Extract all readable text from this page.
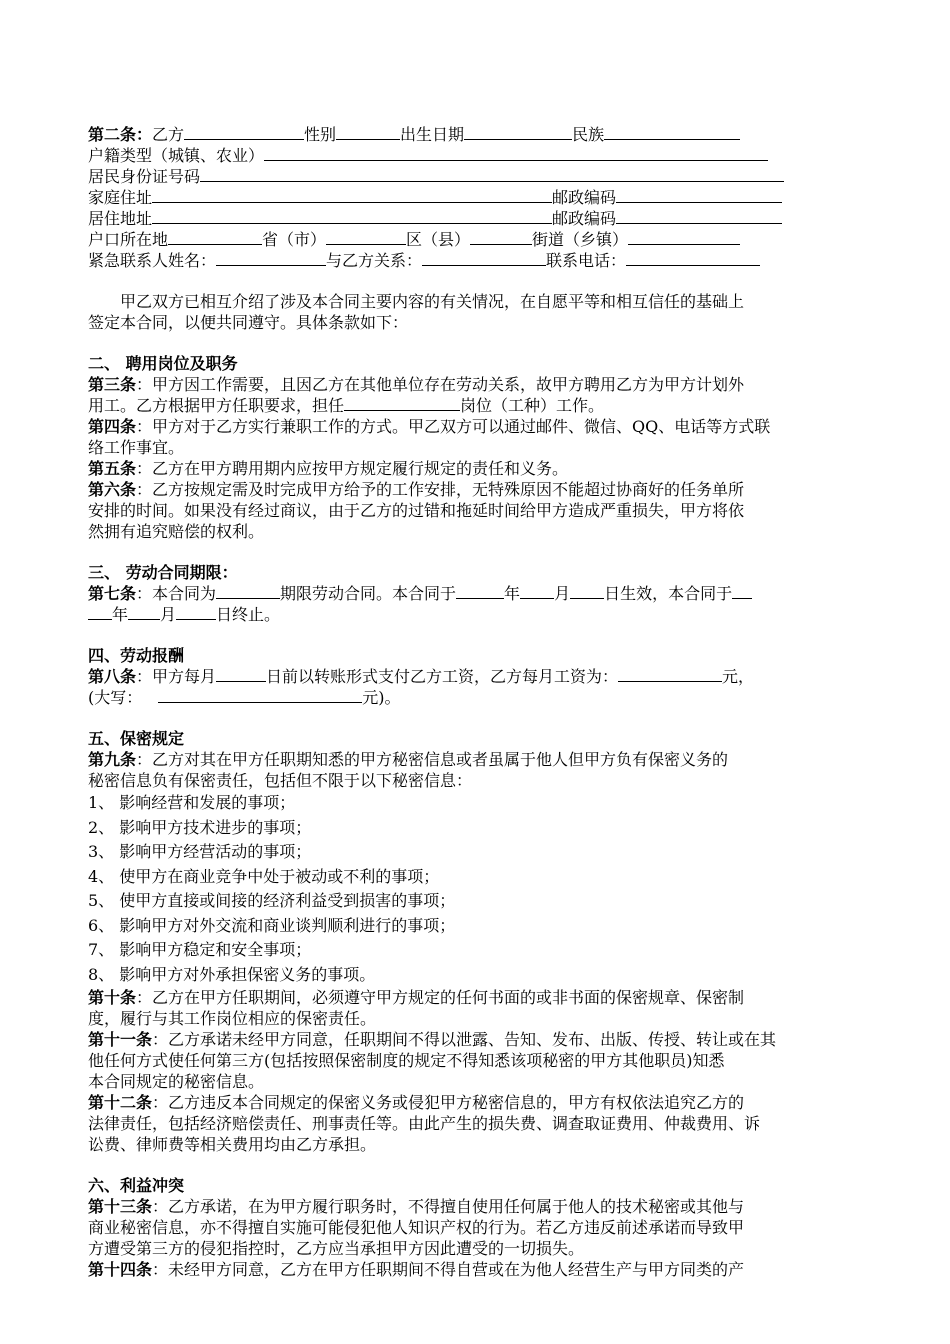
第二条：乙方	性别	出生日期	民族
户籍类型（城镇、农业）
居民身份证号码
家庭住址	邮政编码
居住地址	邮政编码
户口所在地	省（市）	区（县）	街道（乡镇）
紧急联系人姓名：	与乙方关系：	联系电话：
甲乙双方已相互介绍了涉及本合同主要内容的有关情况，在自愿平等和相互信任的基础上
签定本合同，以便共同遵守。具体条款如下：
二、 聘用岗位及职务
第三条：甲方因工作需要，且因乙方在其他单位存在劳动关系，故甲方聘用乙方为甲方计划外
用工。乙方根据甲方任职要求，担任	岗位（工种）工作。
第四条：甲方对于乙方实行兼职工作的方式。甲乙双方可以通过邮件、微信、QQ、电话等方式联
络工作事宜。
第五条：乙方在甲方聘用期内应按甲方规定履行规定的责任和义务。
第六条：乙方按规定需及时完成甲方给予的工作安排，无特殊原因不能超过协商好的任务单所
安排的时间。如果没有经过商议，由于乙方的过错和拖延时间给甲方造成严重损失，甲方将依
然拥有追究赔偿的权利。
三、 劳动合同期限：
第七条：本合同为	期限劳动合同。本合同于	年 月 日生效，本合同于
年 月	日终止。
四、劳动报酬
第八条：甲方每月	日前以转账形式支付乙方工资，乙方每月工资为：	元，
(大写：	元)。
五、保密规定
第九条：乙方对其在甲方任职期知悉的甲方秘密信息或者虽属于他人但甲方负有保密义务的
秘密信息负有保密责任，包括但不限于以下秘密信息：
1、 影响经营和发展的事项；
2、 影响甲方技术进步的事项；
3、 影响甲方经营活动的事项；
4、 使甲方在商业竞争中处于被动或不利的事项；
5、 使甲方直接或间接的经济利益受到损害的事项；
6、 影响甲方对外交流和商业谈判顺利进行的事项；
7、 影响甲方稳定和安全事项；
8、 影响甲方对外承担保密义务的事项。
第十条：乙方在甲方任职期间，必须遵守甲方规定的任何书面的或非书面的保密规章、保密制
度，履行与其工作岗位相应的保密责任。
第十一条：乙方承诺未经甲方同意，任职期间不得以泄露、告知、发布、出版、传授、转让或在其
他任何方式使任何第三方(包括按照保密制度的规定不得知悉该项秘密的甲方其他职员)知悉
本合同规定的秘密信息。
第十二条：乙方违反本合同规定的保密义务或侵犯甲方秘密信息的，甲方有权依法追究乙方的
法律责任，包括经济赔偿责任、刑事责任等。由此产生的损失费、调查取证费用、仲裁费用、诉
讼费、律师费等相关费用均由乙方承担。
六、利益冲突
第十三条：乙方承诺，在为甲方履行职务时，不得擅自使用任何属于他人的技术秘密或其他与
商业秘密信息，亦不得擅自实施可能侵犯他人知识产权的行为。若乙方违反前述承诺而导致甲
方遭受第三方的侵犯指控时，乙方应当承担甲方因此遭受的一切损失。
第十四条：未经甲方同意，乙方在甲方任职期间不得自营或在为他人经营生产与甲方同类的产
